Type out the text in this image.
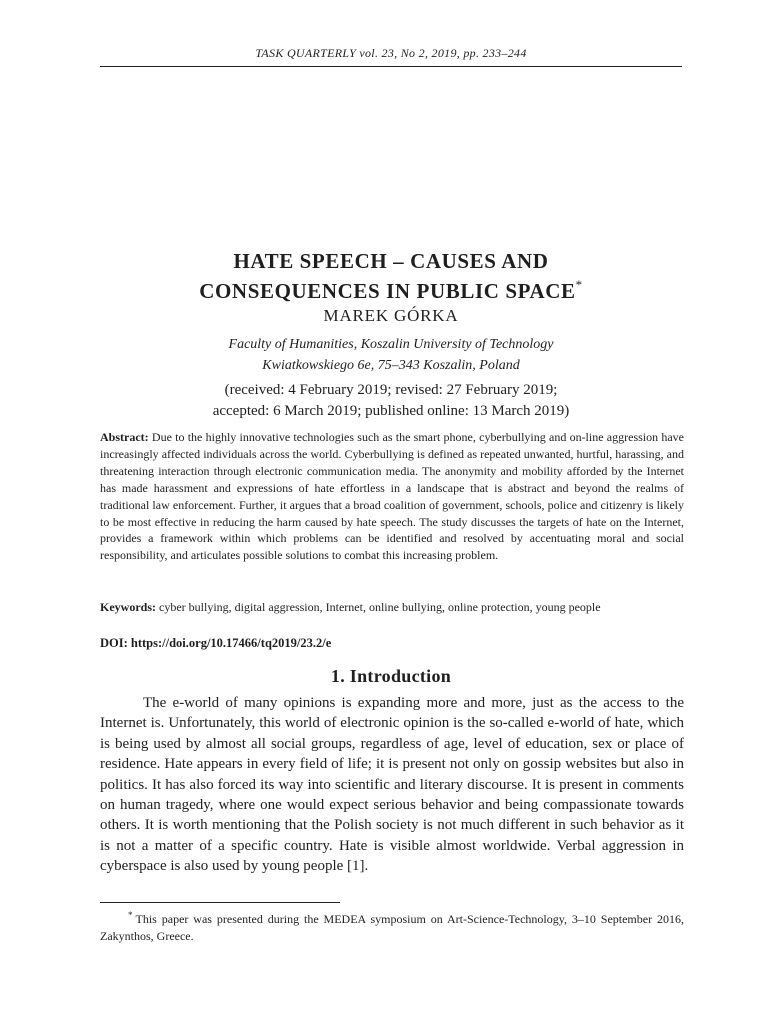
TASK QUARTERLY vol. 23, No 2, 2019, pp. 233–244
HATE SPEECH – CAUSES AND
CONSEQUENCES IN PUBLIC SPACE*
MAREK GÓRKA
Faculty of Humanities, Koszalin University of Technology
Kwiatkowskiego 6e, 75–343 Koszalin, Poland
(received: 4 February 2019; revised: 27 February 2019;
accepted: 6 March 2019; published online: 13 March 2019)
Abstract: Due to the highly innovative technologies such as the smart phone, cyberbullying and on-line aggression have increasingly affected individuals across the world. Cyberbullying is defined as repeated unwanted, hurtful, harassing, and threatening interaction through electronic communication media. The anonymity and mobility afforded by the Internet has made harassment and expressions of hate effortless in a landscape that is abstract and beyond the realms of traditional law enforcement. Further, it argues that a broad coalition of government, schools, police and citizenry is likely to be most effective in reducing the harm caused by hate speech. The study discusses the targets of hate on the Internet, provides a framework within which problems can be identified and resolved by accentuating moral and social responsibility, and articulates possible solutions to combat this increasing problem.
Keywords: cyber bullying, digital aggression, Internet, online bullying, online protection, young people
DOI: https://doi.org/10.17466/tq2019/23.2/e
1. Introduction

The e-world of many opinions is expanding more and more, just as the access to the Internet is. Unfortunately, this world of electronic opinion is the so-called e-world of hate, which is being used by almost all social groups, regardless of age, level of education, sex or place of residence. Hate appears in every field of life; it is present not only on gossip websites but also in politics. It has also forced its way into scientific and literary discourse. It is present in comments on human tragedy, where one would expect serious behavior and being compassionate towards others. It is worth mentioning that the Polish society is not much different in such behavior as it is not a matter of a specific country. Hate is visible almost worldwide. Verbal aggression in cyberspace is also used by young people [1].

* This paper was presented during the MEDEA symposium on Art-Science-Technology, 3–10 September 2016, Zakynthos, Greece.
